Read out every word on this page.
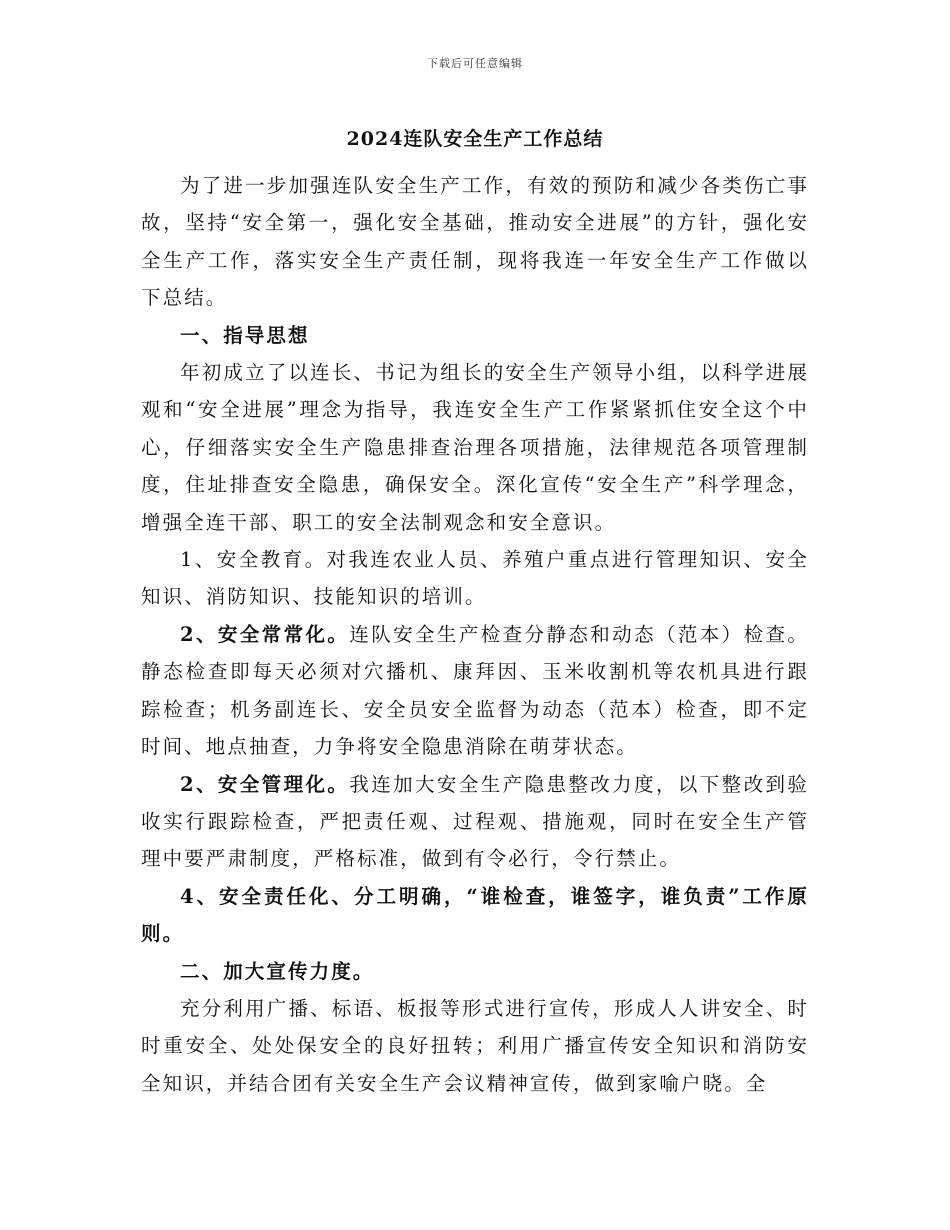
下载后可任意编辑
2024连队安全生产工作总结

为了进一步加强连队安全生产工作，有效的预防和减少各类伤亡事故，坚持“安全第一，强化安全基础，推动安全进展”的方针，强化安全生产工作，落实安全生产责任制，现将我连一年安全生产工作做以下总结。

一、指导思想

年初成立了以连长、书记为组长的安全生产领导小组，以科学进展观和“安全进展”理念为指导，我连安全生产工作紧紧抓住安全这个中心，仔细落实安全生产隐患排查治理各项措施，法律规范各项管理制度，住址排查安全隐患，确保安全。深化宣传“安全生产”科学理念，增强全连干部、职工的安全法制观念和安全意识。

1、安全教育。对我连农业人员、养殖户重点进行管理知识、安全知识、消防知识、技能知识的培训。

2、安全常常化。连队安全生产检查分静态和动态（范本）检查。静态检查即每天必须对穴播机、康拜因、玉米收割机等农机具进行跟踪检查；机务副连长、安全员安全监督为动态（范本）检查，即不定时间、地点抽查，力争将安全隐患消除在萌芽状态。

2、安全管理化。我连加大安全生产隐患整改力度，以下整改到验收实行跟踪检查，严把责任观、过程观、措施观，同时在安全生产管理中要严肃制度，严格标准，做到有令必行，令行禁止。

4、安全责任化、分工明确，“谁检查，谁签字，谁负责”工作原则。

二、加大宣传力度。

充分利用广播、标语、板报等形式进行宣传，形成人人讲安全、时时重安全、处处保安全的良好扭转；利用广播宣传安全知识和消防安全知识，并结合团有关安全生产会议精神宣传，做到家喻户晓。全
